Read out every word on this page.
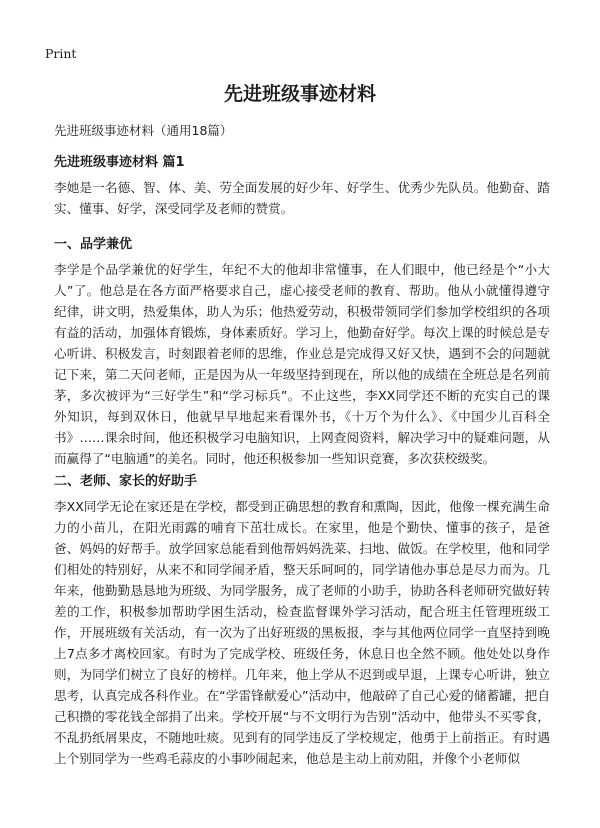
Print
先进班级事迹材料

先进班级事迹材料（通用18篇）

先进班级事迹材料 篇1

李她是一名德、智、体、美、劳全面发展的好少年、好学生、优秀少先队员。他勤奋、踏实、懂事、好学，深受同学及老师的赞赏。

一、品学兼优

李学是个品学兼优的好学生，年纪不大的他却非常懂事，在人们眼中，他已经是个“小大人”了。他总是在各方面严格要求自己，虚心接受老师的教育、帮助。他从小就懂得遵守纪律，讲文明，热爱集体，助人为乐；他热爱劳动，积极带领同学们参加学校组织的各项有益的活动，加强体育锻炼，身体素质好。学习上，他勤奋好学。每次上课的时候总是专心听讲、积极发言，时刻跟着老师的思维，作业总是完成得又好又快，遇到不会的问题就记下来，第二天问老师，正是因为从一年级坚持到现在，所以他的成绩在全班总是名列前茅，多次被评为“三好学生”和“学习标兵”。不止这些，李XX同学还不断的充实自己的课外知识，每到双休日，他就早早地起来看课外书，《十万个为什么》、《中国少儿百科全书》……课余时间，他还积极学习电脑知识，上网查阅资料，解决学习中的疑难问题，从而赢得了“电脑通”的美名。同时，他还积极参加一些知识竞赛，多次获校级奖。

二、老师、家长的好助手

李XX同学无论在家还是在学校，都受到正确思想的教育和熏陶，因此，他像一棵充满生命力的小苗儿，在阳光雨露的哺育下茁壮成长。在家里，他是个勤快、懂事的孩子，是爸爸、妈妈的好帮手。放学回家总能看到他帮妈妈洗菜、扫地、做饭。在学校里，他和同学们相处的特别好，从来不和同学闹矛盾，整天乐呵呵的，同学请他办事总是尽力而为。几年来，他勤勤恳恳地为班级、为同学服务，成了老师的小助手，协助各科老师研究做好转差的工作，积极参加帮助学困生活动，检查监督课外学习活动，配合班主任管理班级工作，开展班级有关活动，有一次为了出好班级的黑板报，李与其他两位同学一直坚持到晚上7点多才离校回家。有时为了完成学校、班级任务，休息日也全然不顾。他处处以身作则，为同学们树立了良好的榜样。几年来，他上学从不迟到或早退，上课专心听讲，独立思考，认真完成各科作业。在“学雷锋献爱心”活动中，他敲碎了自己心爱的储蓄罐，把自己积攒的零花钱全部捐了出来。学校开展“与不文明行为告别”活动中，他带头不买零食，不乱扔纸屑果皮，不随地吐痰。见到有的同学违反了学校规定，他勇于上前指正。有时遇上个别同学为一些鸡毛蒜皮的小事吵闹起来，他总是主动上前劝阻，并像个小老师似
